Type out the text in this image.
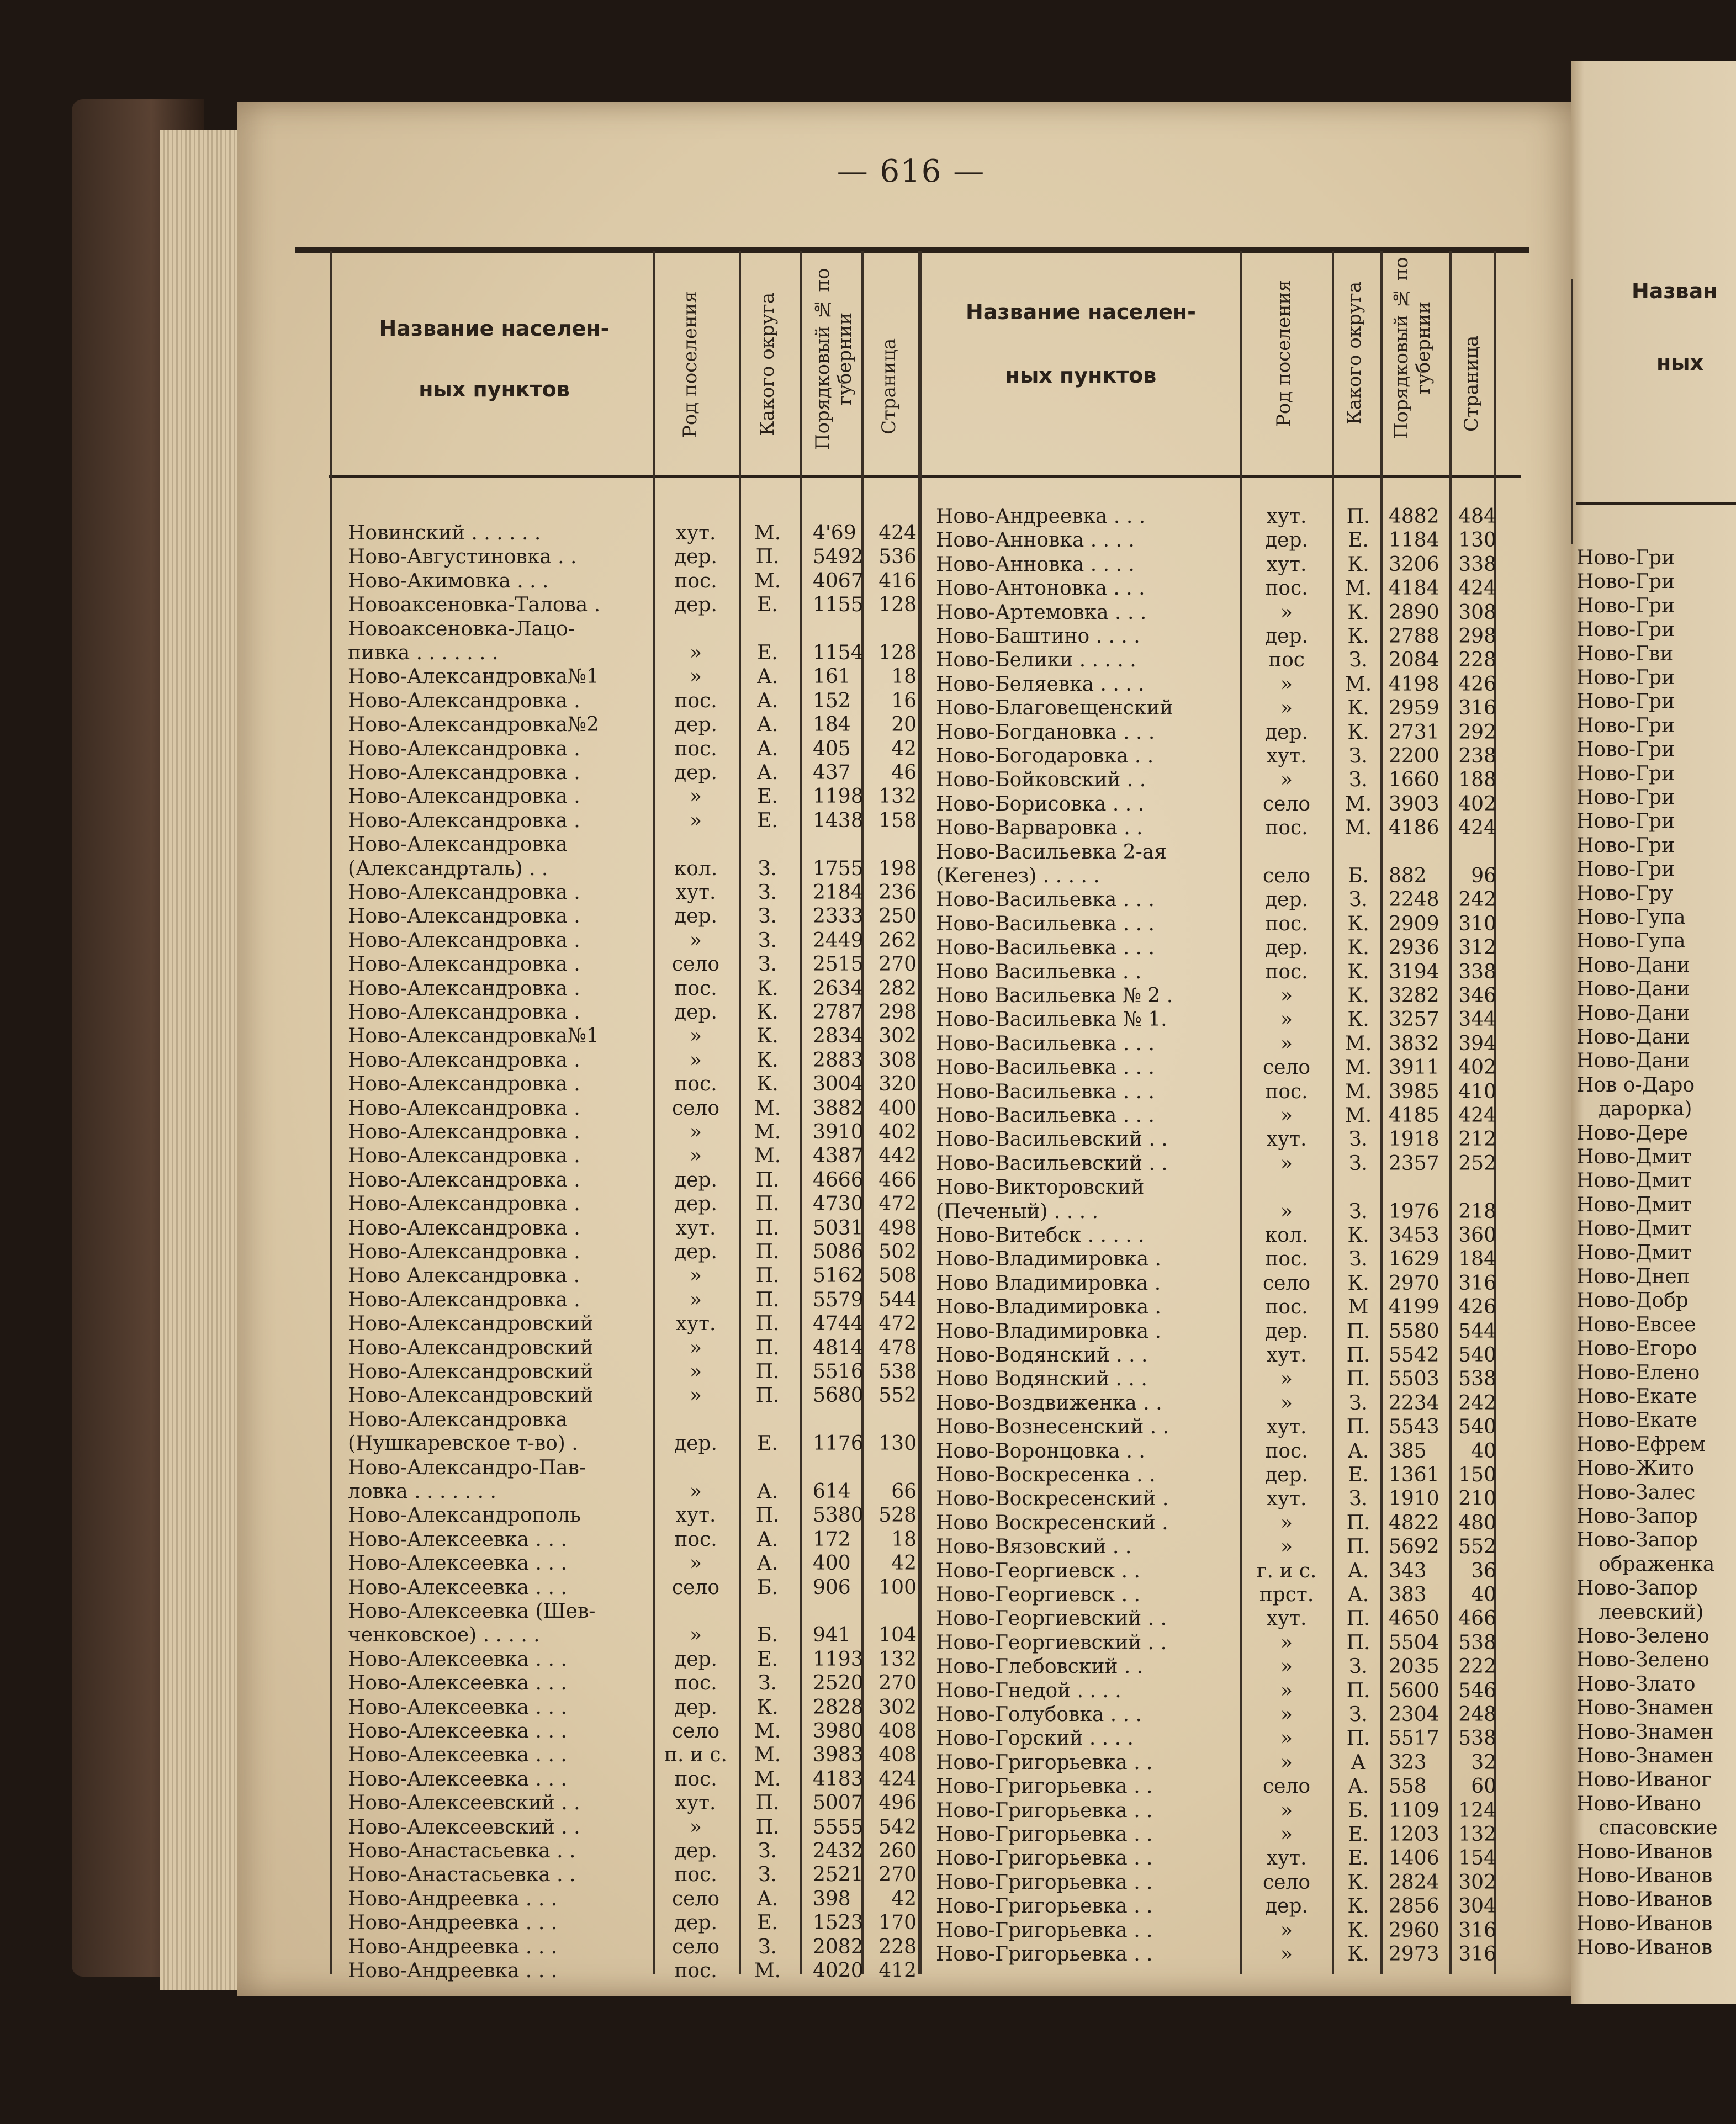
Назван
ных
Ново-Гри
Ново-Гри
Ново-Гри
Ново-Гри
Ново-Гви
Ново-Гри
Ново-Гри
Ново-Гри
Ново-Гри
Ново-Гри
Ново-Гри
Ново-Гри
Ново-Гри
Ново-Гри
Ново-Гру
Ново-Гупа
Ново-Гупа
Ново-Дани
Ново-Дани
Ново-Дани
Ново-Дани
Ново-Дани
Нов о-Даро
дарорка)
Ново-Дере
Ново-Дмит
Ново-Дмит
Ново-Дмит
Ново-Дмит
Ново-Дмит
Ново-Днеп
Ново-Добр
Ново-Евсее
Ново-Егоро
Ново-Елено
Ново-Екате
Ново-Екате
Ново-Ефрем
Ново-Жито
Ново-Залес
Ново-Запор
Ново-Запор
ображенка
Ново-Запор
леевский)
Ново-Зелено
Ново-Зелено
Ново-Злато
Ново-Знамен
Ново-Знамен
Ново-Знамен
Ново-Иваног
Ново-Ивано
спасовские
Ново-Иванов
Ново-Иванов
Ново-Иванов
Ново-Иванов
Ново-Иванов
— 616 —
Название населен-
ных пунктов	Род поселения	Какого округа Порядковый № по губернии Страница
Название населен-
ных пунктов	Род поселения	Какого округа Порядковый № по губернии Страница
Новинский . . . . . .	хут.	М.	4'69	424
Ново-Августиновка . .	дер.	П.	5492 536
Ново-Акимовка . . .	пос.	М.	4067 416
Новоаксеновка-Талова .	дер.	Е.	1155 128
Новоаксеновка-Лацо-
пивка . . . . . . .	»	Е.	1154 128
Ново-Александровка№1	»	А.	161	18
Ново-Александровка .	пос.	А.	152	16
Ново-Александровка№2	дер.	А.	184	20
Ново-Александровка .	пос.	А.	405	42
Ново-Александровка .	дер.	А.	437	46
Ново-Александровка .	»	Е.	1198 132
Ново-Александровка .	»	Е.	1438 158
Ново-Александровка
(Александрталь) . .	кол.	З.	1755 198
Ново-Александровка .	хут.	З.	2184 236
Ново-Александровка .	дер.	З.	2333 250
Ново-Александровка .	»	З.	2449 262
Ново-Александровка .	село	З.	2515 270
Ново-Александровка .	пос.	К.	2634 282
Ново-Александровка .	дер.	К.	2787 298
Ново-Александровка№1	»	К.	2834 302
Ново-Александровка .	»	К.	2883 308
Ново-Александровка .	пос.	К.	3004 320
Ново-Александровка .	село	М.	3882 400
Ново-Александровка .	»	М.	3910 402
Ново-Александровка .	»	М.	4387 442
Ново-Александровка .	дер.	П.	4666 466
Ново-Александровка .	дер.	П.	4730 472
Ново-Александровка .	хут.	П.	5031 498
Ново-Александровка .	дер.	П.	5086 502
Ново Александровка .	»	П.	5162 508
Ново-Александровка .	»	П.	5579 544
Ново-Александровский	хут.	П.	4744 472
Ново-Александровский	»	П.	4814 478
Ново-Александровский	»	П.	5516 538
Ново-Александровский	»	П.	5680 552
Ново-Александровка
(Нушкаревское т-во) .	дер.	Е.	1176 130
Ново-Александро-Пав-
ловка . . . . . . .	»	А.	614	66
Ново-Александрополь	хут.	П.	5380 528
Ново-Алексеевка . . .	пос.	А.	172	18
Ново-Алексеевка . . .	»	А.	400	42
Ново-Алексеевка . . .	село	Б.	906	100
Ново-Алексеевка (Шев-
ченковское) . . . . .	»	Б.	941	104
Ново-Алексеевка . . .	дер.	Е.	1193 132
Ново-Алексеевка . . .	пос.	З.	2520 270
Ново-Алексеевка . . .	дер.	К.	2828 302
Ново-Алексеевка . . .	село	М.	3980 408
Ново-Алексеевка . . .	п. и с.	М.	3983 408
Ново-Алексеевка . . .	пос.	М.	4183 424
Ново-Алексеевский . .	хут.	П.	5007 496
Ново-Алексеевский . .	»	П.	5555 542
Ново-Анастасьевка . .	дер.	З.	2432 260
Ново-Анастасьевка . .	пос.	З.	2521 270
Ново-Андреевка . . .	село	А.	398	42
Ново-Андреевка . . .	дер.	Е.	1523 170
Ново-Андреевка . . .	село	З.	2082 228
Ново-Андреевка . . .	пос.	М.	4020 412
Ново-Андреевка . . .	хут.	П. 4882 484
Ново-Анновка . . . .	дер.	Е.	1184 130
Ново-Анновка . . . .	хут.	К. 3206 338
Ново-Антоновка . . .	пос.	М. 4184 424
Ново-Артемовка . . .	»	К. 2890 308
Ново-Баштино . . . .	дер.	К. 2788 298
Ново-Белики . . . . .	пос	З.	2084 228
Ново-Беляевка . . . .	»	М. 4198 426
Ново-Благовещенский	»	К. 2959 316
Ново-Богдановка . . .	дер.	К. 2731 292
Ново-Богодаровка . .	хут.	З.	2200 238
Ново-Бойковский . .	»	З.	1660 188
Ново-Борисовка . . .	село	М. 3903 402
Ново-Варваровка . .	пос.	М. 4186 424
Ново-Васильевка 2-ая
(Кегенез) . . . . .	село	Б.	882	96
Ново-Васильевка . . .	дер.	З.	2248 242
Ново-Васильевка . . .	пос.	К. 2909 310
Ново-Васильевка . . .	дер.	К. 2936 312
Ново Васильевка . .	пос.	К. 3194 338
Ново Васильевка № 2 .	»	К. 3282 346
Ново-Васильевка № 1.	»	К. 3257 344
Ново-Васильевка . . .	»	М. 3832 394
Ново-Васильевка . . .	село	М. 3911 402
Ново-Васильевка . . .	пос.	М. 3985 410
Ново-Васильевка . . .	»	М. 4185 424
Ново-Васильевский . .	хут.	З.	1918 212
Ново-Васильевский . .	»	З.	2357 252
Ново-Викторовский
(Печеный) . . . .	»	З.	1976 218
Ново-Витебск . . . . .	кол.	К. 3453 360
Ново-Владимировка .	пос.	З.	1629 184
Ново Владимировка .	село	К. 2970 316
Ново-Владимировка .	пос.	М	4199 426
Ново-Владимировка .	дер.	П. 5580 544
Ново-Водянский . . .	хут.	П. 5542 540
Ново Водянский . . .	»	П. 5503 538
Ново-Воздвиженка . .	»	З.	2234 242
Ново-Вознесенский . .	хут.	П. 5543 540
Ново-Воронцовка . .	пос.	А. 385	40
Ново-Воскресенка . .	дер.	Е.	1361 150
Ново-Воскресенский .	хут.	З.	1910 210
Ново Воскресенский .	»	П. 4822 480
Ново-Вязовский . .	»	П. 5692 552
Ново-Георгиевск . .	г. и с.	А. 343	36
Ново-Георгиевск . .	прст.	А. 383	40
Ново-Георгиевский . .	хут.	П. 4650 466
Ново-Георгиевский . .	»	П. 5504 538
Ново-Глебовский . .	»	З.	2035 222
Ново-Гнедой . . . .	»	П. 5600 546
Ново-Голубовка . . .	»	З.	2304 248
Ново-Горский . . . .	»	П. 5517 538
Ново-Григорьевка . .	»	А	323	32
Ново-Григорьевка . .	село	А. 558	60
Ново-Григорьевка . .	»	Б.	1109 124
Ново-Григорьевка . .	»	Е.	1203 132
Ново-Григорьевка . .	хут.	Е.	1406 154
Ново-Григорьевка . .	село	К. 2824 302
Ново-Григорьевка . .	дер.	К. 2856 304
Ново-Григорьевка . .	»	К. 2960 316
Ново-Григорьевка . .	»	К. 2973 316
